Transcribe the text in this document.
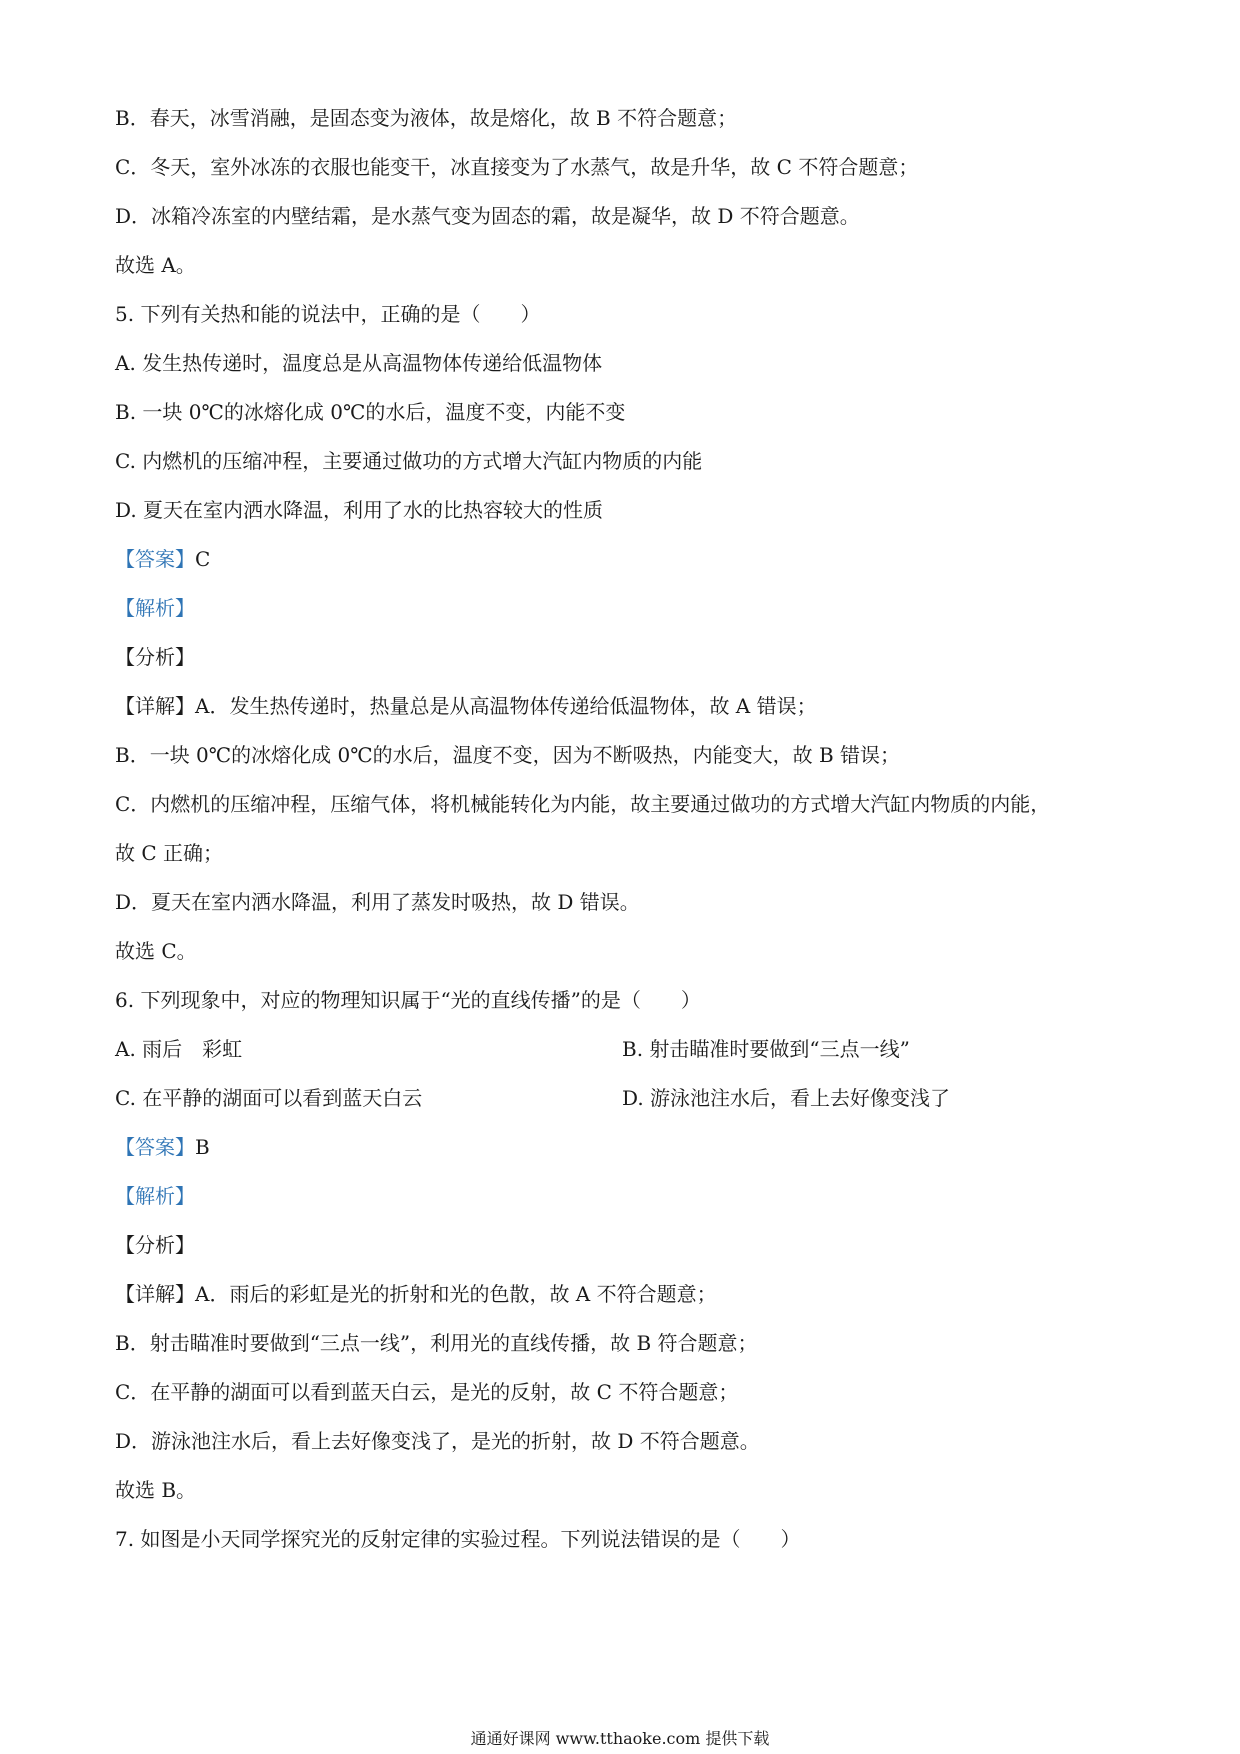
B．春天，冰雪消融，是固态变为液体，故是熔化，故 B 不符合题意；
C．冬天，室外冰冻的衣服也能变干，冰直接变为了水蒸气，故是升华，故 C 不符合题意；
D．冰箱冷冻室的内壁结霜，是水蒸气变为固态的霜，故是凝华，故 D 不符合题意。
故选 A。
5. 下列有关热和能的说法中，正确的是（　　）
A. 发生热传递时，温度总是从高温物体传递给低温物体
B. 一块 0℃的冰熔化成 0℃的水后，温度不变，内能不变
C. 内燃机的压缩冲程，主要通过做功的方式增大汽缸内物质的内能
D. 夏天在室内洒水降温，利用了水的比热容较大的性质
【答案】C
【解析】
【分析】
【详解】A．发生热传递时，热量总是从高温物体传递给低温物体，故 A 错误；
B．一块 0℃的冰熔化成 0℃的水后，温度不变，因为不断吸热，内能变大，故 B 错误；
C．内燃机的压缩冲程，压缩气体，将机械能转化为内能，故主要通过做功的方式增大汽缸内物质的内能，
故 C 正确；
D．夏天在室内洒水降温，利用了蒸发时吸热，故 D 错误。
故选 C。
6. 下列现象中，对应的物理知识属于“光的直线传播”的是（　　）
A. 雨后　彩虹	B. 射击瞄准时要做到“三点一线”
C. 在平静的湖面可以看到蓝天白云	D. 游泳池注水后，看上去好像变浅了
【答案】B
【解析】
【分析】
【详解】A．雨后的彩虹是光的折射和光的色散，故 A 不符合题意；
B．射击瞄准时要做到“三点一线”，利用光的直线传播，故 B 符合题意；
C．在平静的湖面可以看到蓝天白云，是光的反射，故 C 不符合题意；
D．游泳池注水后，看上去好像变浅了，是光的折射，故 D 不符合题意。
故选 B。
7. 如图是小天同学探究光的反射定律的实验过程。下列说法错误的是（　　）
通通好课网 www.tthaoke.com 提供下载
